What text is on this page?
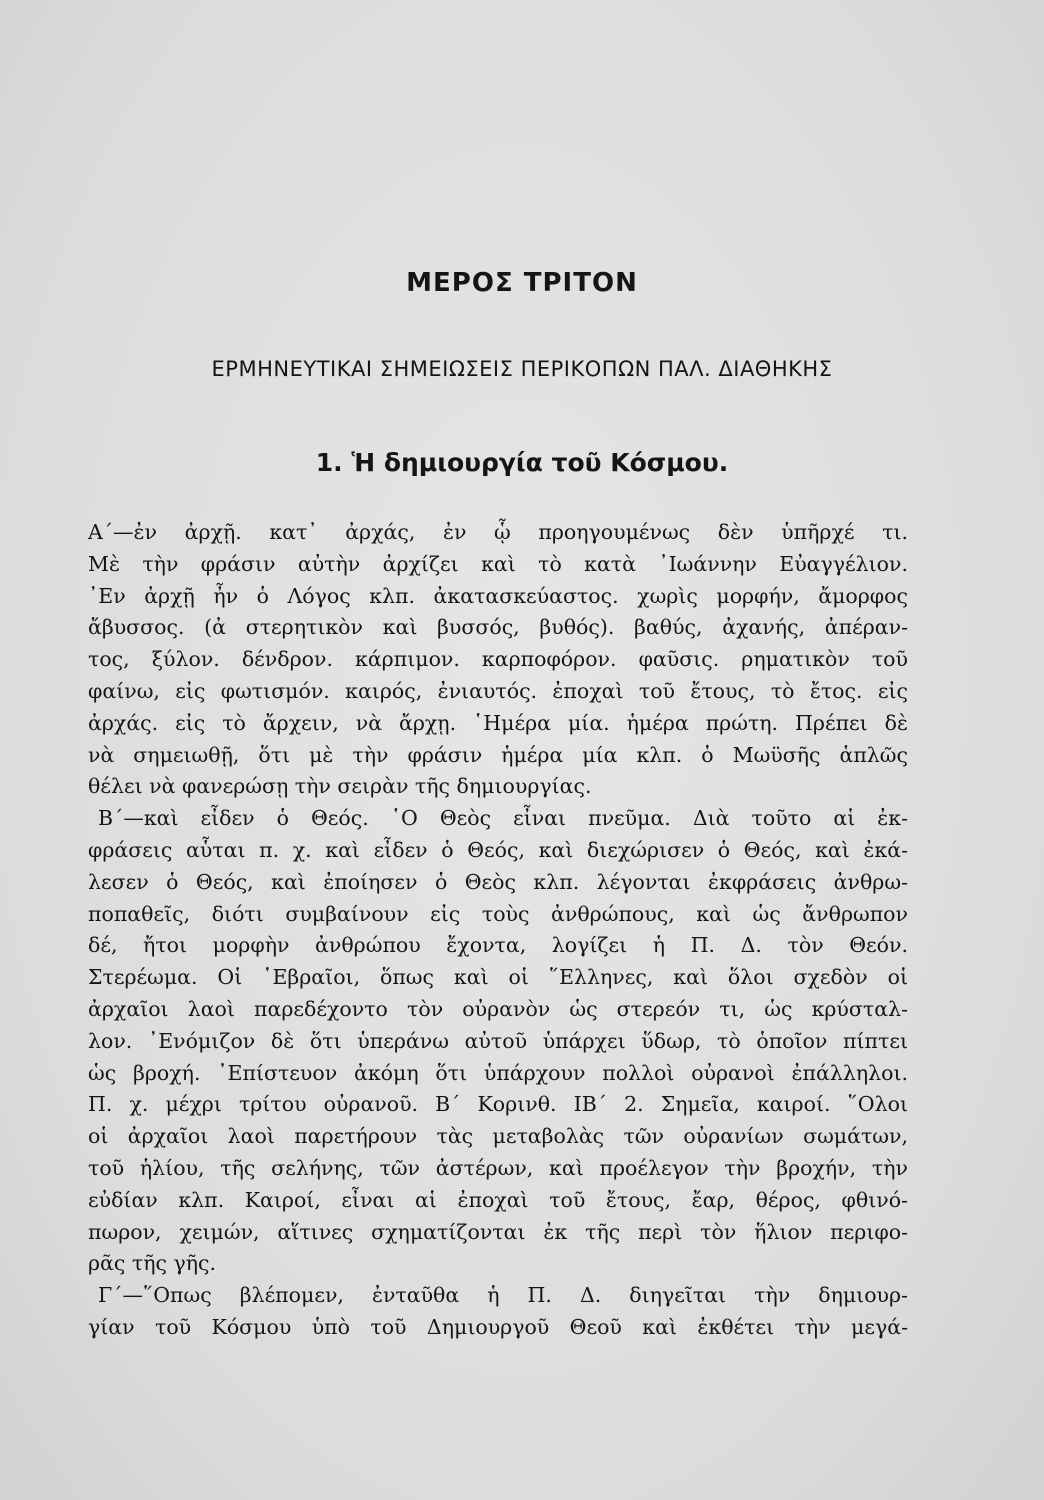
ΜΕΡΟΣ ΤΡΙΤΟΝ
ΕΡΜΗΝΕΥΤΙΚΑΙ ΣΗΜΕΙΩΣΕΙΣ ΠΕΡΙΚΟΠΩΝ ΠΑΛ. ΔΙΑΘΗΚΗΣ
1. Ἡ δημιουργία τοῦ Κόσμου.
Α´—ἐν ἀρχῇ. κατ᾽ ἀρχάς, ἐν ᾧ προηγουμένως δὲν ὑπῆρχέ τι.
Μὲ τὴν φράσιν αὐτὴν ἀρχίζει καὶ τὸ κατὰ ᾽Ιωάννην Εὐαγγέλιον.
᾽Εν ἀρχῇ ἦν ὁ Λόγος κλπ. ἀκατασκεύαστος. χωρὶς μορφήν, ἄμορφος
ἄβυσσος. (ἀ στερητικὸν καὶ βυσσός, βυθός). βαθύς, ἀχανής, ἀπέραν-
τος, ξύλον. δένδρον. κάρπιμον. καρποφόρον. φαῦσις. ρηματικὸν τοῦ
φαίνω, εἰς φωτισμόν. καιρός, ἐνιαυτός. ἐποχαὶ τοῦ ἔτους, τὸ ἔτος. εἰς
ἀρχάς. εἰς τὸ ἄρχειν, νὰ ἄρχῃ. ῾Ημέρα μία. ἡμέρα πρώτη. Πρέπει δὲ
νὰ σημειωθῇ, ὅτι μὲ τὴν φράσιν ἡμέρα μία κλπ. ὁ Μωϋσῆς ἁπλῶς
θέλει νὰ φανερώσῃ τὴν σειρὰν τῆς δημιουργίας.
Β´—καὶ εἶδεν ὁ Θεός. ῾Ο Θεὸς εἶναι πνεῦμα. Διὰ τοῦτο αἱ ἐκ-
φράσεις αὗται π. χ. καὶ εἶδεν ὁ Θεός, καὶ διεχώρισεν ὁ Θεός, καὶ ἐκά-
λεσεν ὁ Θεός, καὶ ἐποίησεν ὁ Θεὸς κλπ. λέγονται ἐκφράσεις ἀνθρω-
ποπαθεῖς, διότι συμβαίνουν εἰς τοὺς ἀνθρώπους, καὶ ὡς ἄνθρωπον
δέ, ἤτοι μορφὴν ἀνθρώπου ἔχοντα, λογίζει ἡ Π. Δ. τὸν Θεόν.
Στερέωμα. Οἱ ῾Εβραῖοι, ὅπως καὶ οἱ ῞Ελληνες, καὶ ὅλοι σχεδὸν οἱ
ἀρχαῖοι λαοὶ παρεδέχοντο τὸν οὐρανὸν ὡς στερεόν τι, ὡς κρύσταλ-
λον. ᾽Ενόμιζον δὲ ὅτι ὑπεράνω αὐτοῦ ὑπάρχει ὕδωρ, τὸ ὁποῖον πίπτει
ὡς βροχή. ᾽Επίστευον ἀκόμη ὅτι ὑπάρχουν πολλοὶ οὐρανοὶ ἐπάλληλοι.
Π. χ. μέχρι τρίτου οὐρανοῦ. Β´ Κορινθ. ΙΒ´ 2. Σημεῖα, καιροί. ῞Ολοι
οἱ ἀρχαῖοι λαοὶ παρετήρουν τὰς μεταβολὰς τῶν οὐρανίων σωμάτων,
τοῦ ἡλίου, τῆς σελήνης, τῶν ἀστέρων, καὶ προέλεγον τὴν βροχήν, τὴν
εὐδίαν κλπ. Καιροί, εἶναι αἱ ἐποχαὶ τοῦ ἔτους, ἔαρ, θέρος, φθινό-
πωρον, χειμών, αἵτινες σχηματίζονται ἐκ τῆς περὶ τὸν ἥλιον περιφο-
ρᾶς τῆς γῆς.
Γ´—῞Οπως βλέπομεν, ἐνταῦθα ἡ Π. Δ. διηγεῖται τὴν δημιουρ-
γίαν τοῦ Κόσμου ὑπὸ τοῦ Δημιουργοῦ Θεοῦ καὶ ἐκθέτει τὴν μεγά-
